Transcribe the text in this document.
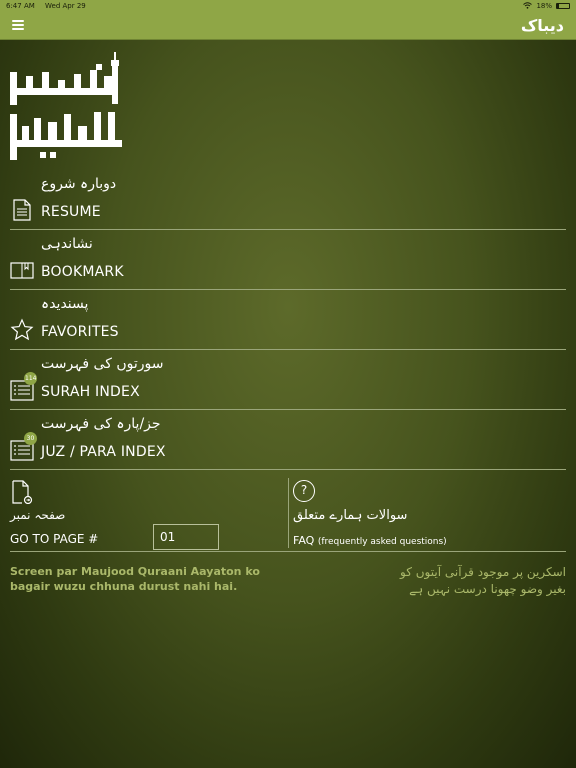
6:47 AM Wed Apr 29	18%
دیباک
دوبارہ شروع
RESUME
نشاندہی
BOOKMARK
پسندیدہ
FAVORITES
114
سورتوں کی فہرست
SURAH INDEX
30
جز/پارہ کی فہرست
JUZ / PARA INDEX
صفحہ نمبر
GO TO PAGE #
01
?
سوالات ہمارے متعلق
FAQ (frequently asked questions)
Screen par Maujood Quraani Aayaton ko bagair wuzu chhuna durust nahi hai.
اسکرین پر موجود قرآنی آیتوں کو
بغیر وضو چھونا درست نہیں ہے
